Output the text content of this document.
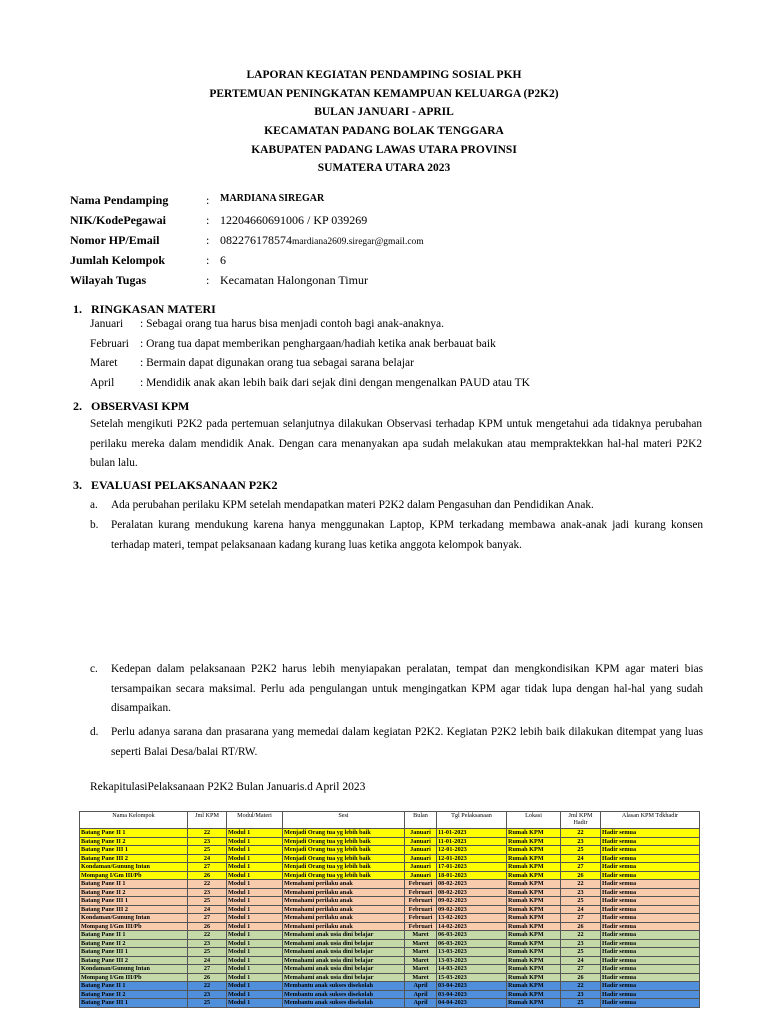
LAPORAN KEGIATAN PENDAMPING SOSIAL PKH
PERTEMUAN PENINGKATAN KEMAMPUAN KELUARGA (P2K2)
BULAN JANUARI - APRIL
KECAMATAN PADANG BOLAK TENGGARA
KABUPATEN PADANG LAWAS UTARA PROVINSI
SUMATERA UTARA 2023
Nama Pendamping	: MARDIANA SIREGAR
NIK/KodePegawai	: 12204660691006 / KP 039269
Nomor HP/Email	: 082276178574mardiana2609.siregar@gmail.com
Jumlah Kelompok	: 6
Wilayah Tugas	: Kecamatan Halongonan Timur
1. RINGKASAN MATERI
Januari : Sebagai orang tua harus bisa menjadi contoh bagi anak-anaknya.
Februari : Orang tua dapat memberikan penghargaan/hadiah ketika anak berbauat baik
Maret : Bermain dapat digunakan orang tua sebagai sarana belajar
April : Mendidik anak akan lebih baik dari sejak dini dengan mengenalkan PAUD atau TK
2. OBSERVASI KPM
Setelah mengikuti P2K2 pada pertemuan selanjutnya dilakukan Observasi terhadap KPM untuk mengetahui ada tidaknya perubahan perilaku mereka dalam mendidik Anak. Dengan cara menanyakan apa sudah melakukan atau mempraktekkan hal-hal materi P2K2 bulan lalu.
3. EVALUASI PELAKSANAAN P2K2
a. Ada perubahan perilaku KPM setelah mendapatkan materi P2K2 dalam Pengasuhan dan Pendidikan Anak.
b. Peralatan kurang mendukung karena hanya menggunakan Laptop, KPM terkadang membawa anak-anak jadi kurang konsen terhadap materi, tempat pelaksanaan kadang kurang luas ketika anggota kelompok banyak.
c. Kedepan dalam pelaksanaan P2K2 harus lebih menyiapakan peralatan, tempat dan mengkondisikan KPM agar materi bias tersampaikan secara maksimal. Perlu ada pengulangan untuk mengingatkan KPM agar tidak lupa dengan hal-hal yang sudah disampaikan.
d. Perlu adanya sarana dan prasarana yang memedai dalam kegiatan P2K2. Kegiatan P2K2 lebih baik dilakukan ditempat yang luas seperti Balai Desa/balai RT/RW.
RekapitulasiPelaksanaan P2K2 Bulan Januaris.d April 2023
Nama Kelompok	Jml KPM	Modul/Materi	Sesi	Bulan	Tgl Pelaksanaan	Lokasi	Jml KPM Hadir	Alasan KPM Tdkhadir
Batang Pane II 1	22	Modul 1	Menjadi Orang tua yg lebih baik	Januari	11-01-2023	Rumah KPM	22	Hadir semua
Batang Pane II 2	23	Modul 1	Menjadi Orang tua yg lebih baik	Januari	11-01-2023	Rumah KPM	23	Hadir semua
Batang Pane III 1	25	Modul 1	Menjadi Orang tua yg lebih baik	Januari	12-01-2023	Rumah KPM	25	Hadir semua
Batang Pane III 2	24	Modul 1	Menjadi Orang tua yg lebih baik	Januari	12-01-2023	Rumah KPM	24	Hadir semua
Kondaman/Gunung Intan	27	Modul 1	Menjadi Orang tua yg lebih baik	Januari	17-01-2023	Rumah KPM	27	Hadir semua
Mompang I/Gm III/Pb	26	Modul 1	Menjadi Orang tua yg lebih baik	Januari	18-01-2023	Rumah KPM	26	Hadir semua
Batang Pane II 1	22	Modul 1	Memahami perilaku anak	Februari	08-02-2023	Rumah KPM	22	Hadir semua
Batang Pane II 2	23	Modul 1	Memahami perilaku anak	Februari	08-02-2023	Rumah KPM	23	Hadir semua
Batang Pane III 1	25	Modul 1	Memahami perilaku anak	Februari	09-02-2023	Rumah KPM	25	Hadir semua
Batang Pane III 2	24	Modul 1	Memahami perilaku anak	Februari	09-02-2023	Rumah KPM	24	Hadir semua
Kondaman/Gunung Intan	27	Modul 1	Memahami perilaku anak	Februari	13-02-2023	Rumah KPM	27	Hadir semua
Mompang I/Gm III/Pb	26	Modul 1	Memahami perilaku anak	Februari	14-02-2023	Rumah KPM	26	Hadir semua
Batang Pane II 1	22	Modul 1	Memahami anak usia dini belajar	Maret	06-03-2023	Rumah KPM	22	Hadir semua
Batang Pane II 2	23	Modul 1	Memahami anak usia dini belajar	Maret	06-03-2023	Rumah KPM	23	Hadir semua
Batang Pane III 1	25	Modul 1	Memahami anak usia dini belajar	Maret	13-03-2023	Rumah KPM	25	Hadir semua
Batang Pane III 2	24	Modul 1	Memahami anak usia dini belajar	Maret	13-03-2023	Rumah KPM	24	Hadir semua
Kondaman/Gunung Intan	27	Modul 1	Memahami anak usia dini belajar	Maret	14-03-2023	Rumah KPM	27	Hadir semua
Mompang I/Gm III/Pb	26	Modul 1	Memahami anak usia dini belajar	Maret	15-03-2023	Rumah KPM	26	Hadir semua
Batang Pane II 1	22	Modul 1	Membantu anak sukses disekolah	April	03-04-2023	Rumah KPM	22	Hadir semua
Batang Pane II 2	23	Modul 1	Membantu anak sukses disekolah	April	03-04-2023	Rumah KPM	23	Hadir semua
Batang Pane III 1	25	Modul 1	Membantu anak sukses disekolah	April	04-04-2023	Rumah KPM	25	Hadir semua
